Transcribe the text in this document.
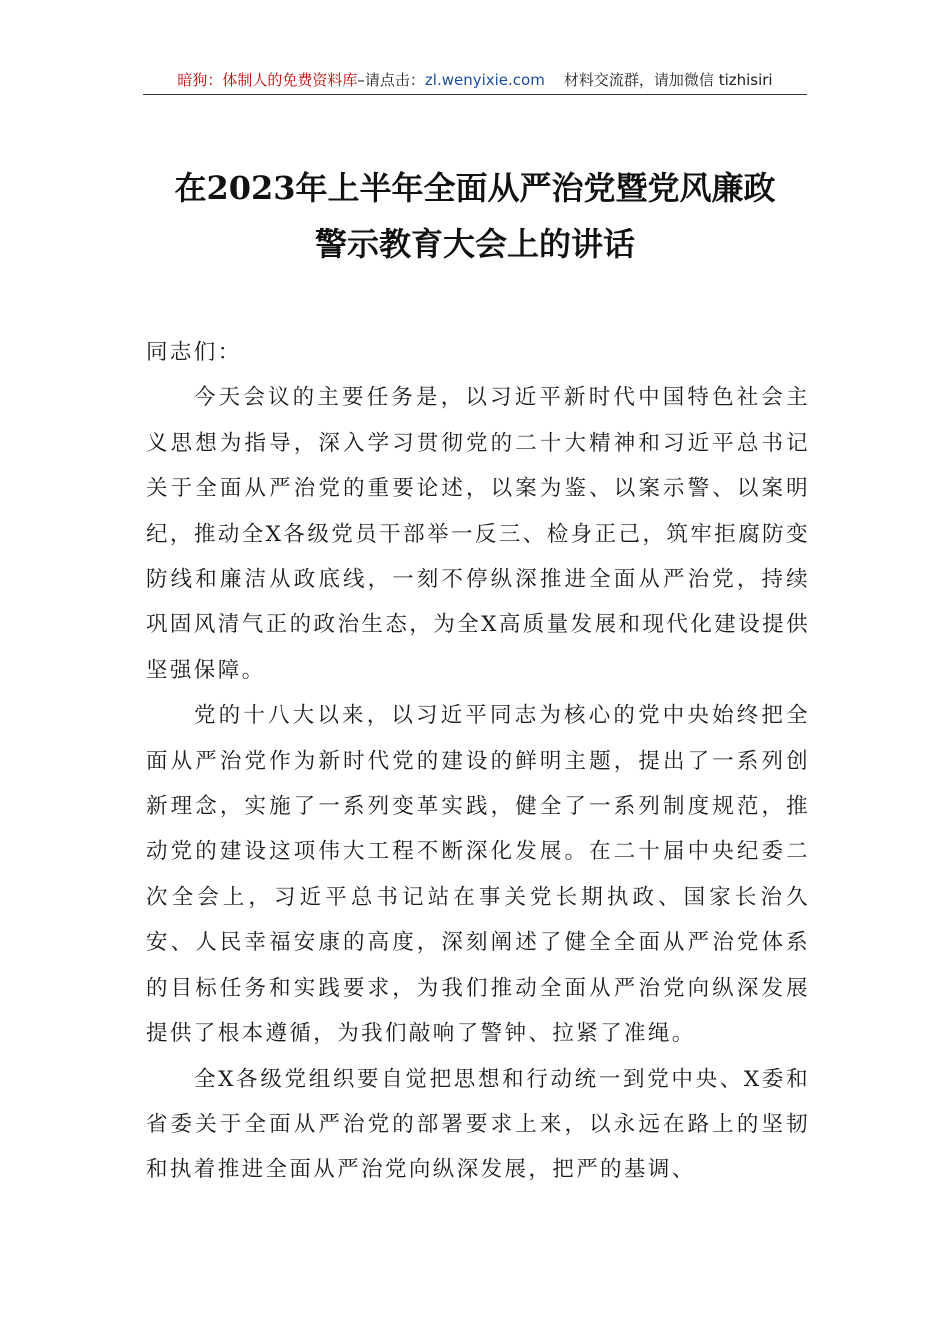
暗狗：体制人的免费资料库–请点击：zl.wenyixie.com 材料交流群，请加微信 tizhisiri
在2023年上半年全面从严治党暨党风廉政
警示教育大会上的讲话

同志们：

今天会议的主要任务是，以习近平新时代中国特色社会主义思想为指导，深入学习贯彻党的二十大精神和习近平总书记关于全面从严治党的重要论述，以案为鉴、以案示警、以案明纪，推动全X各级党员干部举一反三、检身正己，筑牢拒腐防变防线和廉洁从政底线，一刻不停纵深推进全面从严治党，持续巩固风清气正的政治生态，为全X高质量发展和现代化建设提供坚强保障。

党的十八大以来，以习近平同志为核心的党中央始终把全面从严治党作为新时代党的建设的鲜明主题，提出了一系列创新理念，实施了一系列变革实践，健全了一系列制度规范，推动党的建设这项伟大工程不断深化发展。在二十届中央纪委二次全会上，习近平总书记站在事关党长期执政、国家长治久安、人民幸福安康的高度，深刻阐述了健全全面从严治党体系的目标任务和实践要求，为我们推动全面从严治党向纵深发展提供了根本遵循，为我们敲响了警钟、拉紧了准绳。

全X各级党组织要自觉把思想和行动统一到党中央、X委和省委关于全面从严治党的部署要求上来，以永远在路上的坚韧和执着推进全面从严治党向纵深发展，把严的基调、
